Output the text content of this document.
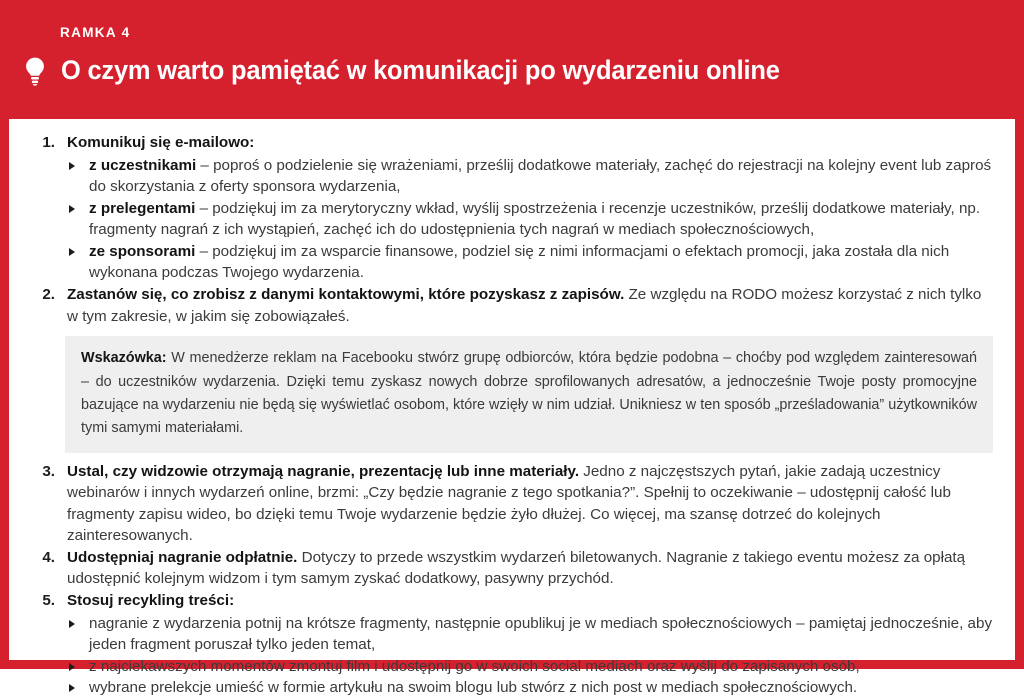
RAMKA 4
O czym warto pamiętać w komunikacji po wydarzeniu online
1. Komunikuj się e-mailowo:
z uczestnikami – poproś o podzielenie się wrażeniami, prześlij dodatkowe materiały, zachęć do rejestracji na kolejny event lub zaproś do skorzystania z oferty sponsora wydarzenia,
z prelegentami – podziękuj im za merytoryczny wkład, wyślij spostrzeżenia i recenzje uczestników, prześlij dodatkowe materiały, np. fragmenty nagrań z ich wystąpień, zachęć ich do udostępnienia tych nagrań w mediach społecznościowych,
ze sponsorami – podziękuj im za wsparcie finansowe, podziel się z nimi informacjami o efektach promocji, jaka została dla nich wykonana podczas Twojego wydarzenia.
2. Zastanów się, co zrobisz z danymi kontaktowymi, które pozyskasz z zapisów. Ze względu na RODO możesz korzystać z nich tylko w tym zakresie, w jakim się zobowiązałeś.
Wskazówka: W menedżerze reklam na Facebooku stwórz grupę odbiorców, która będzie podobna – choćby pod względem zainteresowań – do uczestników wydarzenia. Dzięki temu zyskasz nowych dobrze sprofilowanych adresatów, a jednocześnie Twoje posty promocyjne bazujące na wydarzeniu nie będą się wyświetlać osobom, które wzięły w nim udział. Unikniesz w ten sposób „prześladowania” użytkowników tymi samymi materiałami.
3. Ustal, czy widzowie otrzymają nagranie, prezentację lub inne materiały. Jedno z najczęstszych pytań, jakie zadają uczestnicy webinarów i innych wydarzeń online, brzmi: „Czy będzie nagranie z tego spotkania?”. Spełnij to oczekiwanie – udostępnij całość lub fragmenty zapisu wideo, bo dzięki temu Twoje wydarzenie będzie żyło dłużej. Co więcej, ma szansę dotrzeć do kolejnych zainteresowanych.
4. Udostępniaj nagranie odpłatnie. Dotyczy to przede wszystkim wydarzeń biletowanych. Nagranie z takiego eventu możesz za opłatą udostępnić kolejnym widzom i tym samym zyskać dodatkowy, pasywny przychód.
5. Stosuj recykling treści:
nagranie z wydarzenia potnij na krótsze fragmenty, następnie opublikuj je w mediach społecznościowych – pamiętaj jednocześnie, aby jeden fragment poruszał tylko jeden temat,
z najciekawszych momentów zmontuj film i udostępnij go w swoich social mediach oraz wyślij do zapisanych osób,
wybrane prelekcje umieść w formie artykułu na swoim blogu lub stwórz z nich post w mediach społecznościowych.
